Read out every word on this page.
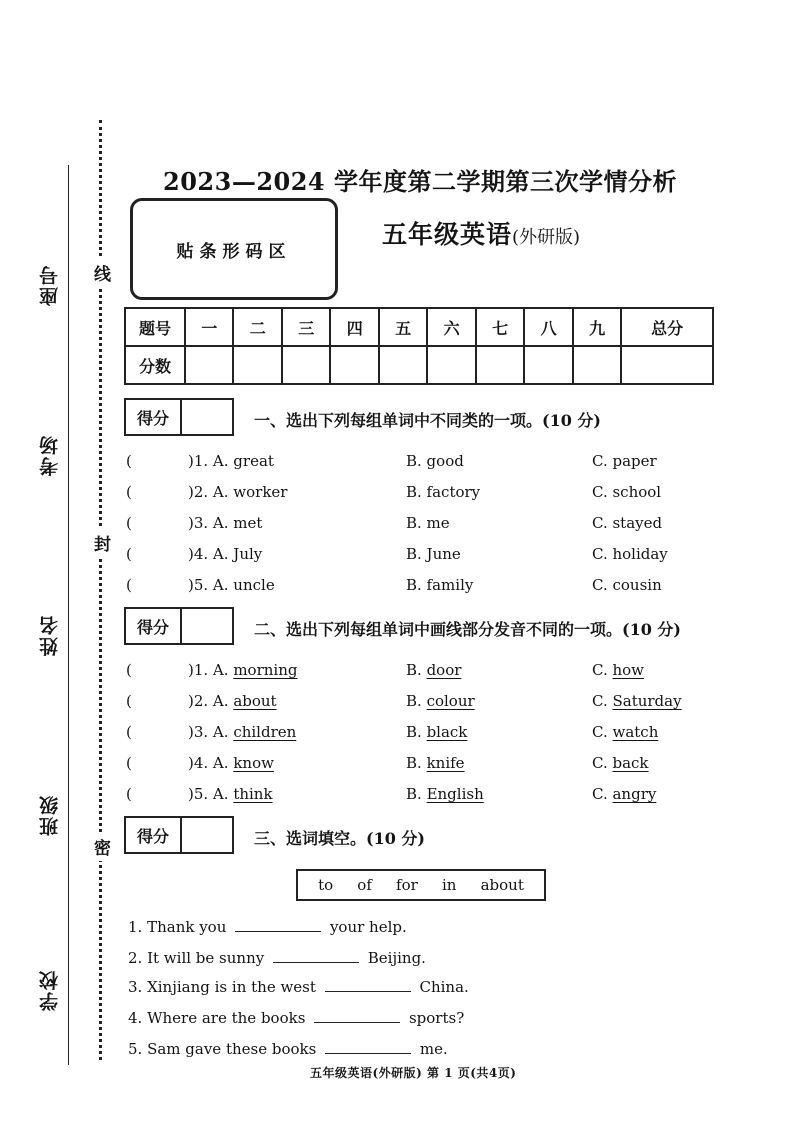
座号
考场
姓名
班级
学校
线
封
密
2023—2024 学年度第二学期第三次学情分析
贴条形码区
五年级英语(外研版)
题号	一	二	三	四	五	六	七	八	九	总分
分数										
得分	一、选出下列每组单词中不同类的一项。(10 分)
(	)1. A. great	B. good	C. paper
(	)2. A. worker	B. factory	C. school
(	)3. A. met	B. me	C. stayed
(	)4. A. July	B. June	C. holiday
(	)5. A. uncle	B. family	C. cousin
得分	二、选出下列每组单词中画线部分发音不同的一项。(10 分)
(	)1. A. morning	B. door	C. how
(	)2. A. about	B. colour	C. Saturday
(	)3. A. children	B. black	C. watch
(	)4. A. know	B. knife	C. back
(	)5. A. think	B. English	C. angry
得分	三、选词填空。(10 分)
to of for in about
1. Thank you	your help.
2. It will be sunny	Beijing.
3. Xinjiang is in the west	China.
4. Where are the books	sports?
5. Sam gave these books	me.
五年级英语(外研版) 第 1 页(共4页)
